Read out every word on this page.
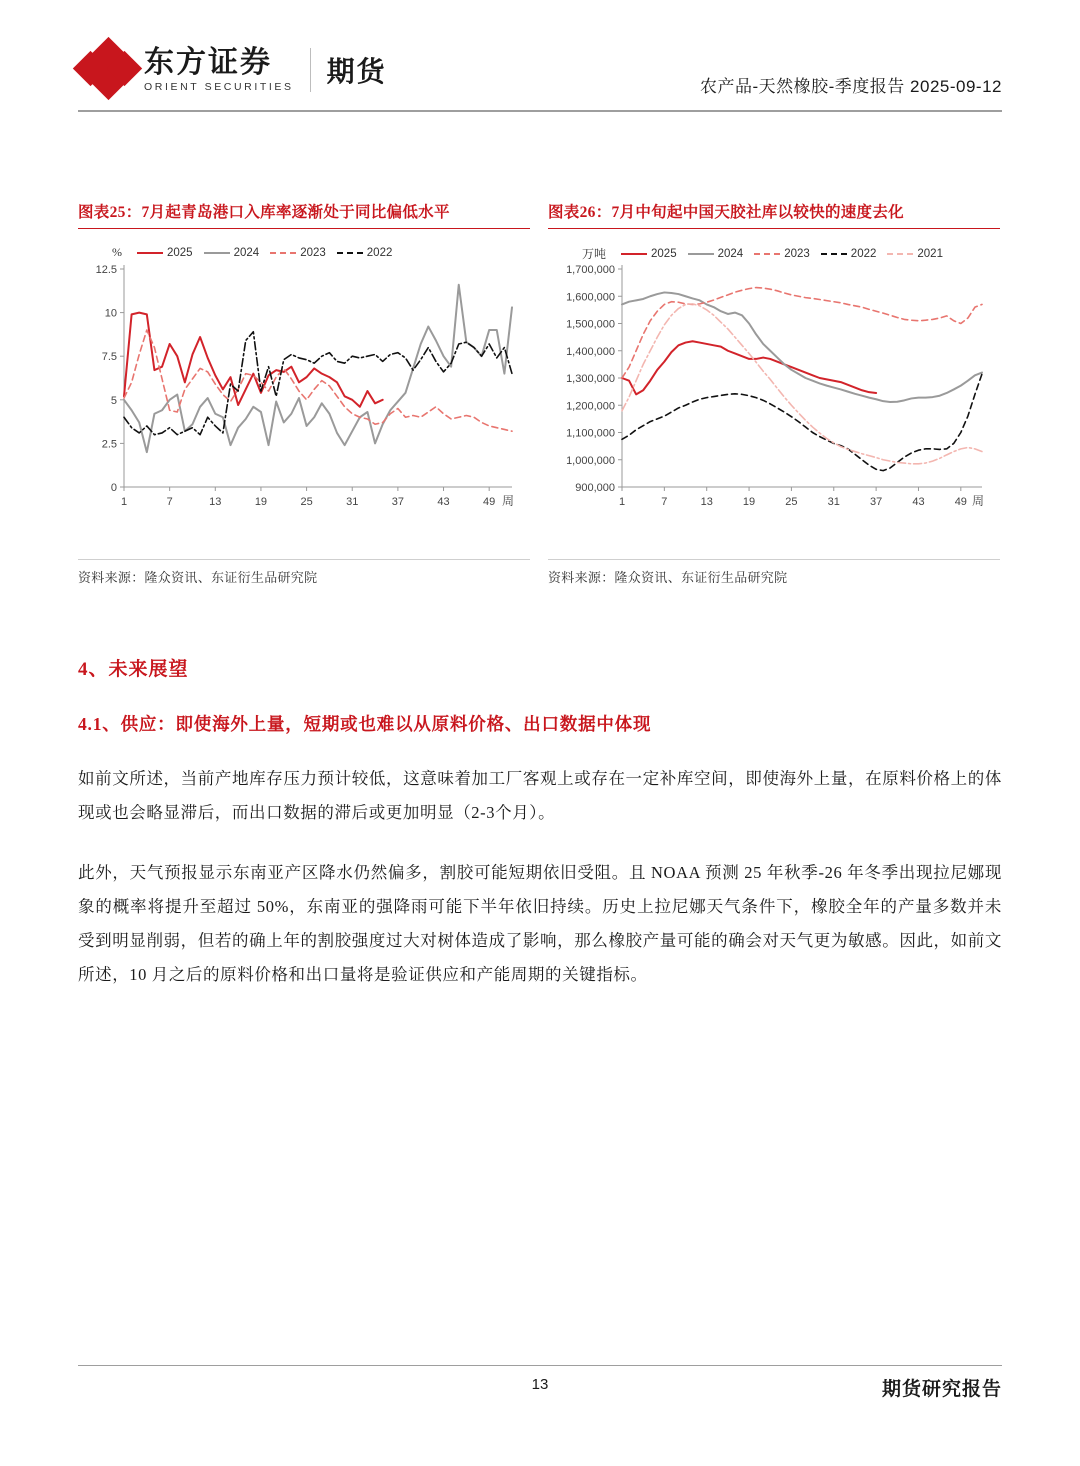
东方证券
ORIENT SECURITIES 期货	农产品-天然橡胶-季度报告 2025-09-12
图表25：7月起青岛港口入库率逐渐处于同比偏低水平
%	2025	2024	2023	2022
0
2.5
5
7.5
10
12.5
1	7	13	19	25	31	37	43	49 周
资料来源：隆众资讯、东证衍生品研究院
图表26：7月中旬起中国天胶社库以较快的速度去化
万吨	2025	2024	2023	2022	2021
900,000
1,000,000
1,100,000
1,200,000
1,300,000
1,400,000
1,500,000
1,600,000
1,700,000
1	7	13	19	25	31	37	43	49 周
资料来源：隆众资讯、东证衍生品研究院
4、未来展望
4.1、供应：即使海外上量，短期或也难以从原料价格、出口数据中体现

如前文所述，当前产地库存压力预计较低，这意味着加工厂客观上或存在一定补库空间，即使海外上量，在原料价格上的体现或也会略显滞后，而出口数据的滞后或更加明显（2-3个月）。

此外，天气预报显示东南亚产区降水仍然偏多，割胶可能短期依旧受阻。且 NOAA 预测 25 年秋季-26 年冬季出现拉尼娜现象的概率将提升至超过 50%，东南亚的强降雨可能下半年依旧持续。历史上拉尼娜天气条件下，橡胶全年的产量多数并未受到明显削弱，但若的确上年的割胶强度过大对树体造成了影响，那么橡胶产量可能的确会对天气更为敏感。因此，如前文所述，10 月之后的原料价格和出口量将是验证供应和产能周期的关键指标。

13	期货研究报告
